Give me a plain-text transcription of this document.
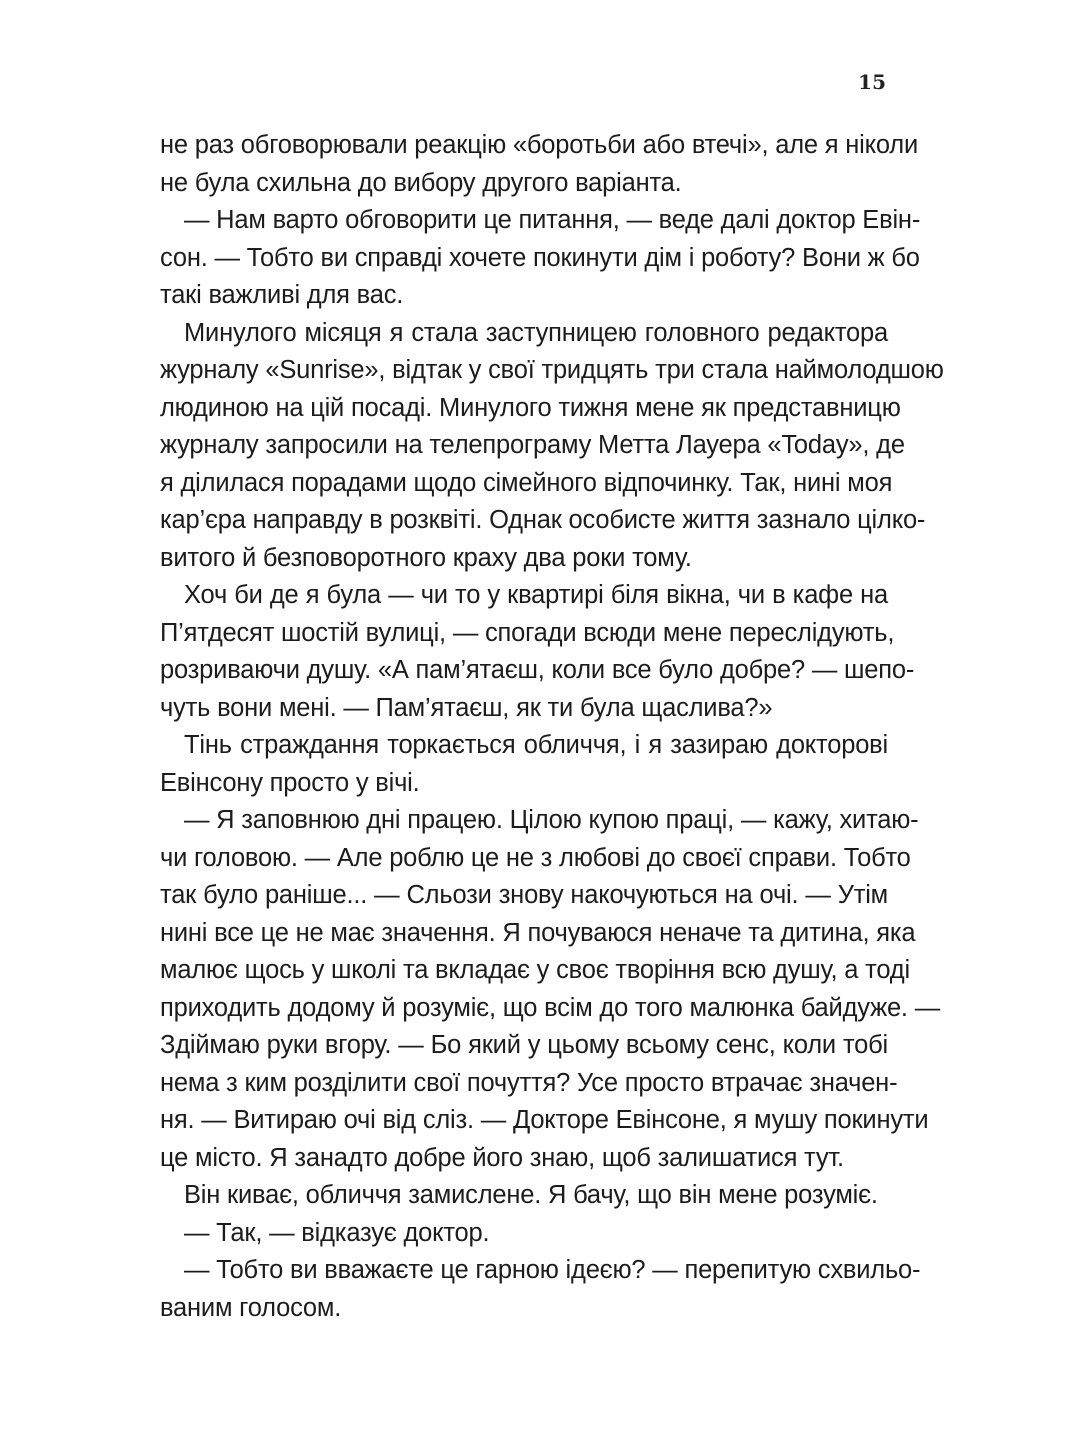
15
не раз обговорювали реакцію «боротьби або втечі», але я ніколи
не була схильна до вибору другого варіанта.
— Нам варто обговорити це питання, — веде далі доктор Евін-
сон. — Тобто ви справді хочете покинути дім і роботу? Вони ж бо
такі важливі для вас.
Минулого місяця я стала заступницею головного редактора
журналу «Sunrise», відтак у свої тридцять три стала наймолодшою
людиною на цій посаді. Минулого тижня мене як представницю
журналу запросили на телепрограму Метта Лауера «Today», де
я ділилася порадами щодо сімейного відпочинку. Так, нині моя
кар’єра направду в розквіті. Однак особисте життя зазнало цілко-
витого й безповоротного краху два роки тому.
Хоч би де я була — чи то у квартирі біля вікна, чи в кафе на
П’ятдесят шостій вулиці, — спогади всюди мене переслідують,
розриваючи душу. «А пам’ятаєш, коли все було добре? — шепо-
чуть вони мені. — Пам’ятаєш, як ти була щаслива?»
Тінь страждання торкається обличчя, і я зазираю докторові
Евінсону просто у вічі.
— Я заповнюю дні працею. Цілою купою праці, — кажу, хитаю-
чи головою. — Але роблю це не з любові до своєї справи. Тобто
так було раніше... — Сльози знову накочуються на очі. — Утім
нині все це не має значення. Я почуваюся неначе та дитина, яка
малює щось у школі та вкладає у своє творіння всю душу, а тоді
приходить додому й розуміє, що всім до того малюнка байдуже. —
Здіймаю руки вгору. — Бо який у цьому всьому сенс, коли тобі
нема з ким розділити свої почуття? Усе просто втрачає значен-
ня. — Витираю очі від сліз. — Докторе Евінсоне, я мушу покинути
це місто. Я занадто добре його знаю, щоб залишатися тут.
Він киває, обличчя замислене. Я бачу, що він мене розуміє.
— Так, — відказує доктор.
— Тобто ви вважаєте це гарною ідеєю? — перепитую схвильо-
ваним голосом.
